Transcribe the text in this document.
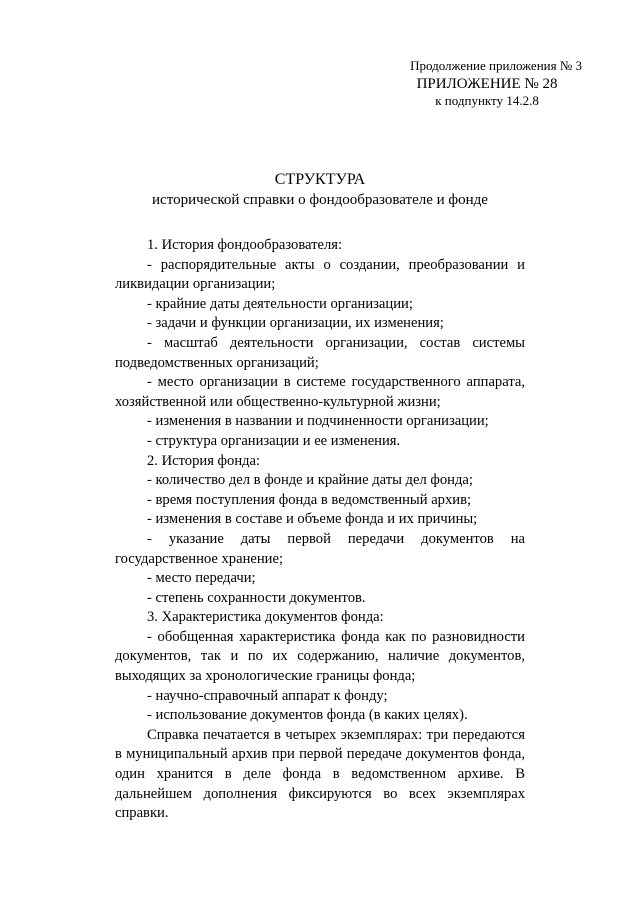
Продолжение приложения № 3
ПРИЛОЖЕНИЕ № 28
к подпункту 14.2.8
СТРУКТУРА
исторической справки о фондообразователе и фонде

1. История фондообразователя:

- распорядительные акты о создании, преобразовании и ликвидации организации;

- крайние даты деятельности организации;

- задачи и функции организации, их изменения;

- масштаб деятельности организации, состав системы подведомственных организаций;

- место организации в системе государственного аппарата, хозяйственной или общественно-культурной жизни;

- изменения в названии и подчиненности организации;

- структура организации и ее изменения.

2. История фонда:

- количество дел в фонде и крайние даты дел фонда;

- время поступления фонда в ведомственный архив;

- изменения в составе и объеме фонда и их причины;

- указание даты первой передачи документов на государственное хранение;

- место передачи;

- степень сохранности документов.

3. Характеристика документов фонда:

- обобщенная характеристика фонда как по разновидности документов, так и по их содержанию, наличие документов, выходящих за хронологические границы фонда;

- научно-справочный аппарат к фонду;

- использование документов фонда (в каких целях).

Справка печатается в четырех экземплярах: три передаются в муниципальный архив при первой передаче документов фонда, один хранится в деле фонда в ведомственном архиве. В дальнейшем дополнения фиксируются во всех экземплярах справки.
